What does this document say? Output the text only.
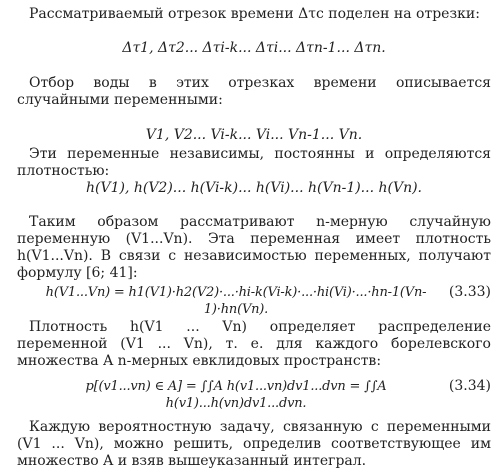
Рассматриваемый отрезок времени Δτc поделен на отрезки:
Δτ1, Δτ2... Δτi-k... Δτi... Δτn-1... Δτn.
Отбор воды в этих отрезках времени описывается случайными переменными:
V1, V2... Vi-k... Vi... Vn-1... Vn.
Эти переменные независимы, постоянны и определяются плотностью:
h(V1), h(V2)... h(Vi-k)... h(Vi)... h(Vn-1)... h(Vn).
Таким образом рассматривают n-мерную случайную переменную (V1...Vn). Эта переменная имеет плотность h(V1...Vn). В связи с независимостью переменных, получают формулу [6; 41]:
h(V1...Vn) = h1(V1)·h2(V2)·...·hi-k(Vi-k)·...·hi(Vi)·...·hn-1(Vn-1)·hn(Vn).
(3.33)
Плотность h(V1 ... Vn) определяет распределение переменной (V1 ... Vn), т. е. для каждого борелевского множества A n-мерных евклидовых пространств:
p[(v1...vn) ∈ A] = ∫∫A h(v1...vn)dv1...dvn = ∫∫A h(v1)...h(vn)dv1...dvn.
(3.34)
Каждую вероятностную задачу, связанную с переменными (V1 ... Vn), можно решить, определив соответствующее им множество A и взяв вышеуказанный интеграл.
